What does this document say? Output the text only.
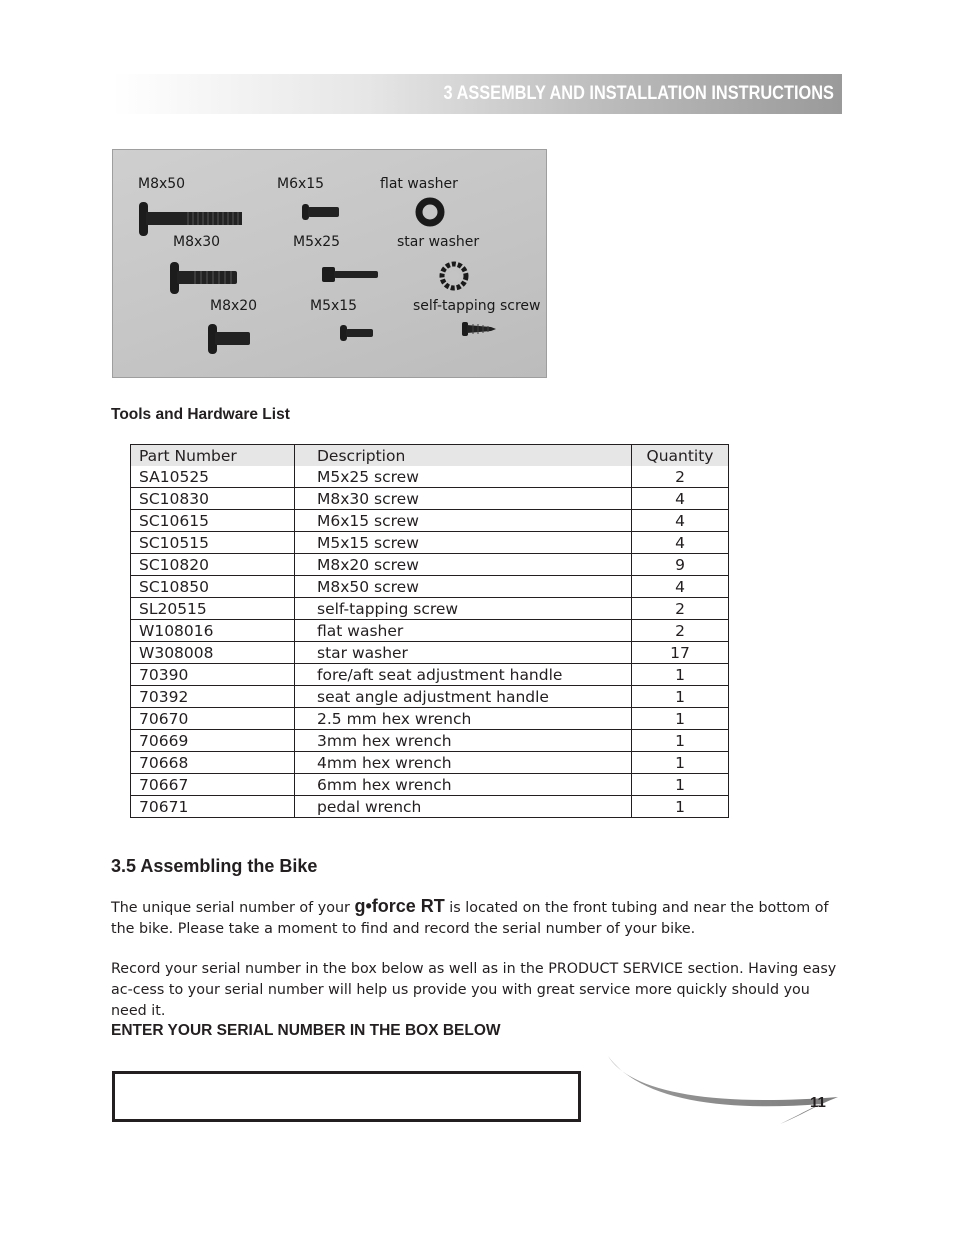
3 ASSEMBLY AND INSTALLATION INSTRUCTIONS
M8x50	M6x15	flat washer
M8x30	M5x25	star washer
M8x20	M5x15	self-tapping screw
Tools and Hardware List
Part Number	Description	Quantity
SA10525	M5x25 screw	2
SC10830	M8x30 screw	4
SC10615	M6x15 screw	4
SC10515	M5x15 screw	4
SC10820	M8x20 screw	9
SC10850	M8x50 screw	4
SL20515	self-tapping screw	2
W108016	flat washer	2
W308008	star washer	17
70390	fore/aft seat adjustment handle	1
70392	seat angle adjustment handle	1
70670	2.5 mm hex wrench	1
70669	3mm hex wrench	1
70668	4mm hex wrench	1
70667	6mm hex wrench	1
70671	pedal wrench	1
3.5 Assembling the Bike
The unique serial number of your g•force RT is located on the front tubing and near the bottom of the bike. Please take a moment to find and record the serial number of your bike.
Record your serial number in the box below as well as in the PRODUCT SERVICE section. Having easy ac-cess to your serial number will help us provide you with great service more quickly should you need it.
ENTER YOUR SERIAL NUMBER IN THE BOX BELOW
11
